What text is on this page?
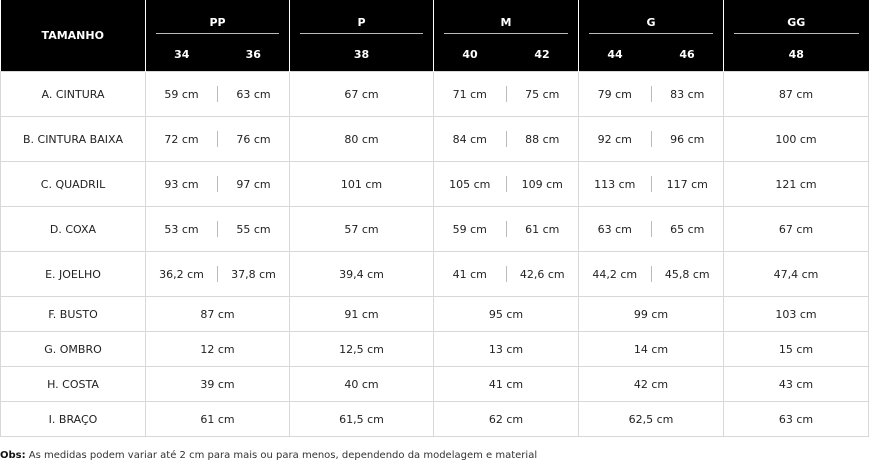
TAMANHO	PP	P	M	G	GG

	34 36	38	40 42	44 46	48

A. CINTURA	59 cm 63 cm	67 cm	71 cm 75 cm	79 cm 83 cm	87 cm
B. CINTURA BAIXA	72 cm 76 cm	80 cm	84 cm 88 cm	92 cm 96 cm	100 cm
C. QUADRIL	93 cm 97 cm	101 cm	105 cm 109 cm	113 cm 117 cm	121 cm
D. COXA	53 cm 55 cm	57 cm	59 cm 61 cm	63 cm 65 cm	67 cm
E. JOELHO	36,2 cm 37,8 cm	39,4 cm	41 cm 42,6 cm	44,2 cm 45,8 cm	47,4 cm
F. BUSTO	87 cm	91 cm	95 cm	99 cm	103 cm
G. OMBRO	12 cm	12,5 cm	13 cm	14 cm	15 cm
H. COSTA	39 cm	40 cm	41 cm	42 cm	43 cm
I. BRAÇO	61 cm	61,5 cm	62 cm	62,5 cm	63 cm
Obs: As medidas podem variar até 2 cm para mais ou para menos, dependendo da modelagem e material
